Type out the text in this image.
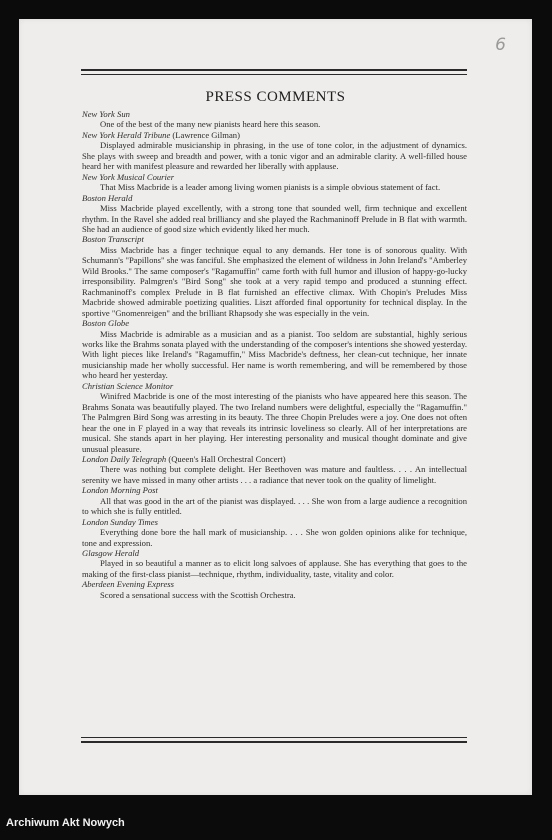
6
PRESS COMMENTS

New York Sun

One of the best of the many new pianists heard here this season.

New York Herald Tribune (Lawrence Gilman)

Displayed admirable musicianship in phrasing, in the use of tone color, in the adjustment of dynamics. She plays with sweep and breadth and power, with a tonic vigor and an admirable clarity. A well-filled house heard her with manifest pleasure and rewarded her liberally with applause.

New York Musical Courier

That Miss Macbride is a leader among living women pianists is a simple obvious statement of fact.

Boston Herald

Miss Macbride played excellently, with a strong tone that sounded well, firm technique and excellent rhythm. In the Ravel she added real brilliancy and she played the Rachmaninoff Prelude in B flat with warmth. She had an audience of good size which evidently liked her much.

Boston Transcript

Miss Macbride has a finger technique equal to any demands. Her tone is of sonorous quality. With Schumann's "Papillons" she was fanciful. She emphasized the element of wildness in John Ireland's "Amberley Wild Brooks." The same composer's "Ragamuffin" came forth with full humor and illusion of happy-go-lucky irresponsibility. Palmgren's "Bird Song" she took at a very rapid tempo and produced a stunning effect. Rachmaninoff's complex Prelude in B flat furnished an effective climax. With Chopin's Preludes Miss Macbride showed admirable poetizing qualities. Liszt afforded final opportunity for technical display. In the sportive "Gnomenreigen" and the brilliant Rhapsody she was especially in the vein.

Boston Globe

Miss Macbride is admirable as a musician and as a pianist. Too seldom are substantial, highly serious works like the Brahms sonata played with the understanding of the composer's intentions she showed yesterday. With light pieces like Ireland's "Ragamuffin," Miss Macbride's deftness, her clean-cut technique, her innate musicianship made her wholly successful. Her name is worth remembering, and will be remembered by those who heard her yesterday.

Christian Science Monitor

Winifred Macbride is one of the most interesting of the pianists who have appeared here this season. The Brahms Sonata was beautifully played. The two Ireland numbers were delightful, especially the "Ragamuffin." The Palmgren Bird Song was arresting in its beauty. The three Chopin Preludes were a joy. One does not often hear the one in F played in a way that reveals its intrinsic loveliness so clearly. All of her interpretations are musical. She stands apart in her playing. Her interesting personality and musical thought dominate and give unusual pleasure.

London Daily Telegraph (Queen's Hall Orchestral Concert)

There was nothing but complete delight. Her Beethoven was mature and faultless. . . . An intellectual serenity we have missed in many other artists . . . a radiance that never took on the quality of limelight.

London Morning Post

All that was good in the art of the pianist was displayed. . . . She won from a large audience a recognition to which she is fully entitled.

London Sunday Times

Everything done bore the hall mark of musicianship. . . . She won golden opinions alike for technique, tone and expression.

Glasgow Herald

Played in so beautiful a manner as to elicit long salvoes of applause. She has everything that goes to the making of the first-class pianist—technique, rhythm, individuality, taste, vitality and color.

Aberdeen Evening Express

Scored a sensational success with the Scottish Orchestra.

Archiwum Akt Nowych
